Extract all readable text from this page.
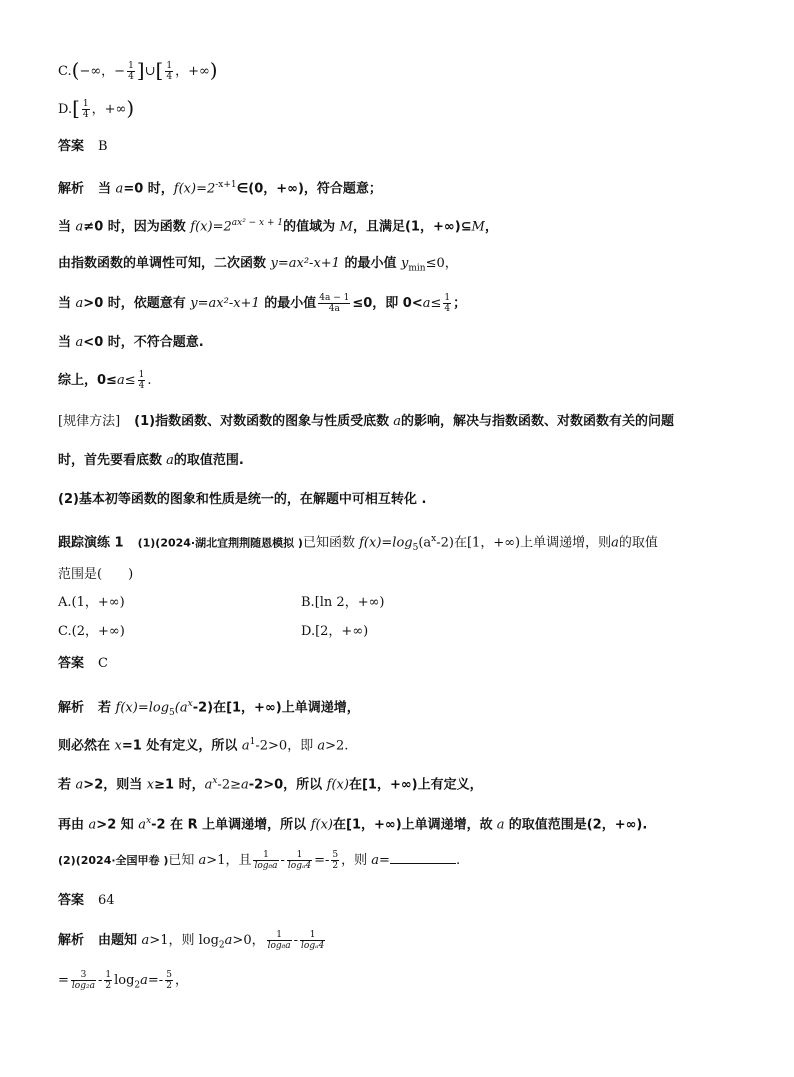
C.(−∞，− $\frac{1}{4}$ ]∪[ $\frac{1}{4}$ ，+∞)
$D.[ \frac{1}{4}$ ，+∞)
答案 B
解析 当 a=0 时，$f(x)=2^{-x+1}\in(0$，+∞)，符合题意；
当 a≠0 时，因为函数 $f(x)=2^{ax^2 - x + 1}$的值域为 M，且满足(1，+∞)⊆M，
由指数函数的单调性可知，二次函数 y=ax²-x+1 的最小值 $y_{min}\le 0$，
当 a>0 时，依题意有 y=ax²-x+1 的最小值 $\frac{4a - 1}{4a} \le 0$，即 $0<a\le \frac{1}{4}$ ；
当 a<0 时，不符合题意.
综上，$0\le a\le \frac{1}{4}$ .
[规律方法] (1)指数函数、对数函数的图象与性质受底数 a的影响，解决与指数函数、对数函数有关的问题
时，首先要看底数 a的取值范围.
(2)基本初等函数的图象和性质是统一的，在解题中可相互转化 .
跟踪演练 1 (1)(2024·湖北宜荆荆随恩模拟 )已知函数 $f(x)=\log_5(a^x-2)$在[1，+∞)上单调递增，则a的取值
范围是(　　)
A.(1，+∞)	B.[ln 2，+∞)
C.(2，+∞)	D.[2，+∞)
答案 C
解析 若 $f(x)=\log_5(a^x-2)$在[1，+∞)上单调递增，
则必然在 x=1 处有定义，所以 $a^1-2>0$，即 a>2.
若 a>2，则当 x≥1 时，$a^x-2\ge a-2>0$，所以 f(x)在[1，+∞)上有定义，
再由 a>2 知 $a^x-2$ 在 R 上单调递增，所以 f(x)在[1，+∞)上单调递增，故 a 的取值范围是(2，+∞).
(2)(2024·全国甲卷 )已知 a>1，且 $\frac{1}{\text{log₈a}} - \frac{1}{\text{logₐ4}} =- \frac{5}{2}$ ，则 a=	.
答案 64
解析 由题知 a>1，则 $\log_2a>0$， $\frac{1}{\text{log₈a}} - \frac{1}{\text{logₐ4}}$
= $\frac{3}{\text{log₂a}} - \frac{1}{2} \log_2a=- \frac{5}{2}$ ，
